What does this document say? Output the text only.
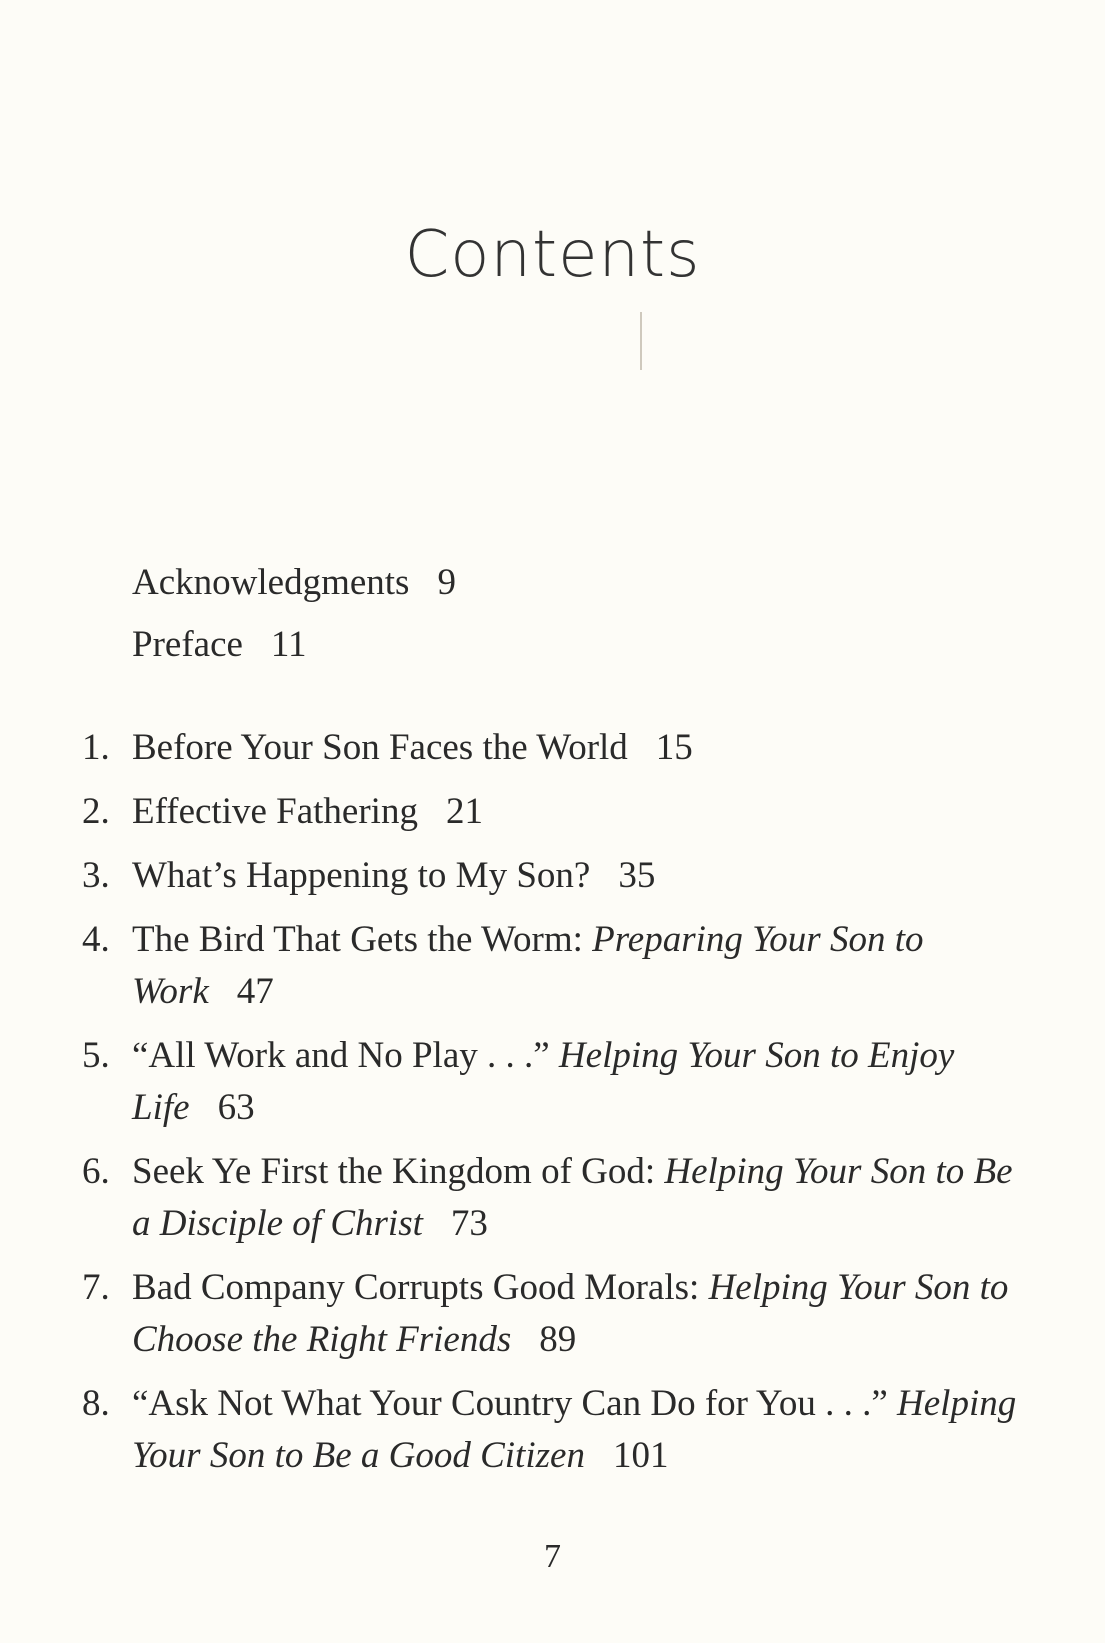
Contents
Acknowledgments 9
Preface 11
1. Before Your Son Faces the World 15
2. Effective Fathering 21
3. What’s Happening to My Son? 35
4. The Bird That Gets the Worm: Preparing Your Son to Work 47
5. “All Work and No Play . . .” Helping Your Son to Enjoy Life 63
6. Seek Ye First the Kingdom of God: Helping Your Son to Be a Disciple of Christ 73
7. Bad Company Corrupts Good Morals: Helping Your Son to Choose the Right Friends 89
8. “Ask Not What Your Country Can Do for You . . .” Helping Your Son to Be a Good Citizen 101
7
